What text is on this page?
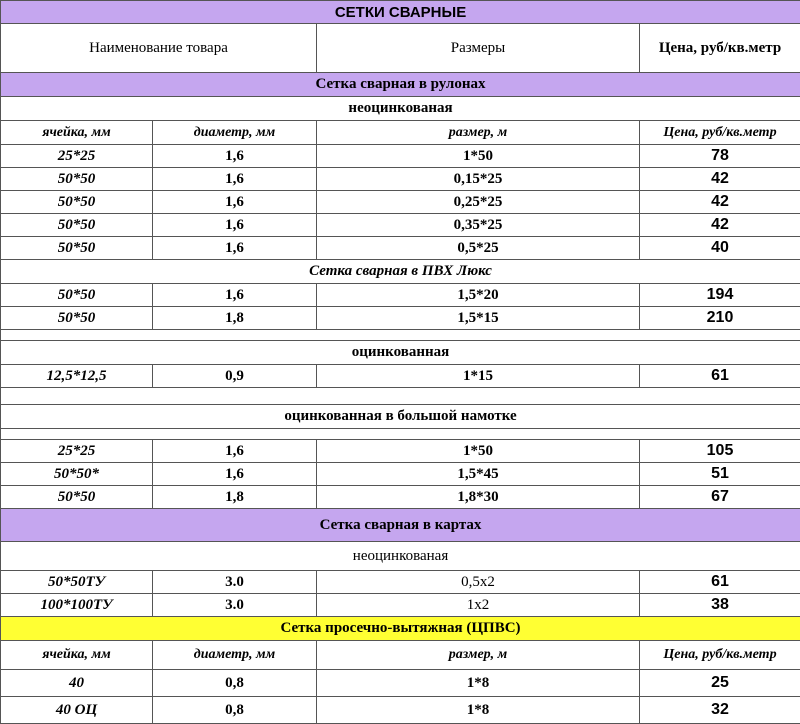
СЕТКИ СВАРНЫЕ			
Наименование товара		Размеры	Цена, руб/кв.метр
Сетка сварная в рулонах			
неоцинкованая			
ячейка, мм	диаметр, мм	размер, м	Цена, руб/кв.метр
25*25	1,6	1*50	78
50*50	1,6	0,15*25	42
50*50	1,6	0,25*25	42
50*50	1,6	0,35*25	42
50*50	1,6	0,5*25	40
Сетка сварная в ПВХ Люкс			
50*50	1,6	1,5*20	194
50*50	1,8	1,5*15	210

оцинкованная			
12,5*12,5	0,9	1*15	61

оцинкованная в большой намотке			

25*25	1,6	1*50	105
50*50*	1,6	1,5*45	51
50*50	1,8	1,8*30	67
Сетка сварная в картах			
неоцинкованая			
50*50ТУ	3.0	0,5х2	61
100*100ТУ	3.0	1х2	38
Сетка просечно-вытяжная (ЦПВС)			
ячейка, мм	диаметр, мм	размер, м	Цена, руб/кв.метр
40	0,8	1*8	25
40 ОЦ	0,8	1*8	32
